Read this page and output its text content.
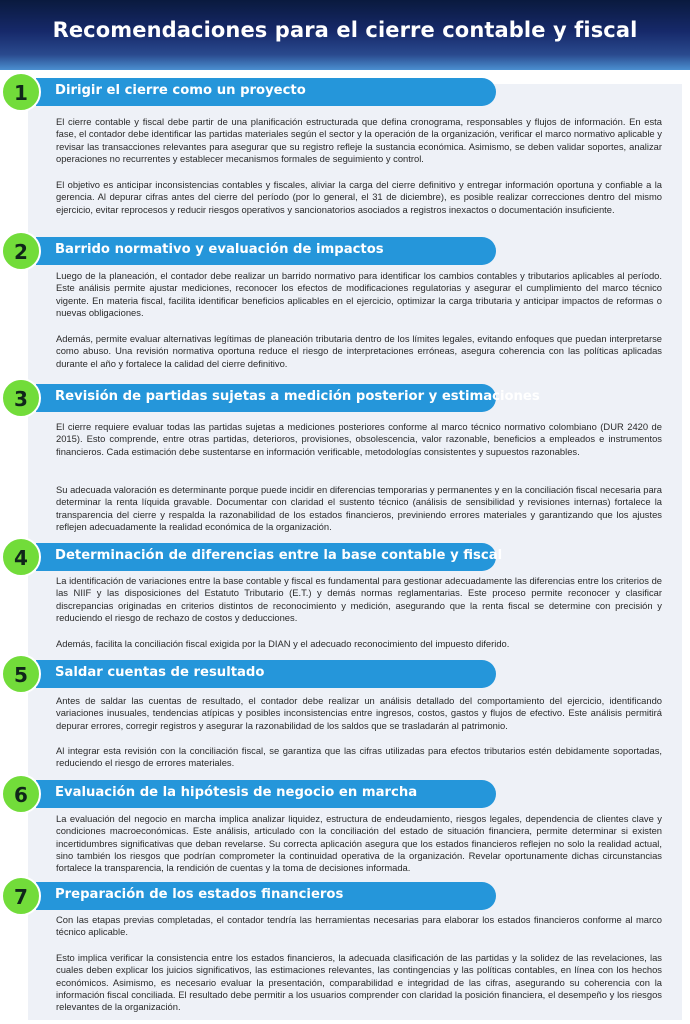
Recomendaciones para el cierre contable y fiscal
1	Dirigir el cierre como un proyecto

El cierre contable y fiscal debe partir de una planificación estructurada que defina cronograma, responsables y flujos de información. En esta fase, el contador debe identificar las partidas materiales según el sector y la operación de la organización, verificar el marco normativo aplicable y revisar las transacciones relevantes para asegurar que su registro refleje la sustancia económica. Asimismo, se deben validar soportes, analizar operaciones no recurrentes y establecer mecanismos formales de seguimiento y control.

El objetivo es anticipar inconsistencias contables y fiscales, aliviar la carga del cierre definitivo y entregar información oportuna y confiable a la gerencia. Al depurar cifras antes del cierre del período (por lo general, el 31 de diciembre), es posible realizar correcciones dentro del mismo ejercicio, evitar reprocesos y reducir riesgos operativos y sancionatorios asociados a registros inexactos o documentación insuficiente.

2	Barrido normativo y evaluación de impactos

Luego de la planeación, el contador debe realizar un barrido normativo para identificar los cambios contables y tributarios aplicables al período. Este análisis permite ajustar mediciones, reconocer los efectos de modificaciones regulatorias y asegurar el cumplimiento del marco técnico vigente. En materia fiscal, facilita identificar beneficios aplicables en el ejercicio, optimizar la carga tributaria y anticipar impactos de reformas o nuevas obligaciones.

Además, permite evaluar alternativas legítimas de planeación tributaria dentro de los límites legales, evitando enfoques que puedan interpretarse como abuso. Una revisión normativa oportuna reduce el riesgo de interpretaciones erróneas, asegura coherencia con las políticas aplicadas durante el año y fortalece la calidad del cierre definitivo.

3	Revisión de partidas sujetas a medición posterior y estimaciones

El cierre requiere evaluar todas las partidas sujetas a mediciones posteriores conforme al marco técnico normativo colombiano (DUR 2420 de 2015). Esto comprende, entre otras partidas, deterioros, provisiones, obsolescencia, valor razonable, beneficios a empleados e instrumentos financieros. Cada estimación debe sustentarse en información verificable, metodologías consistentes y supuestos razonables.

Su adecuada valoración es determinante porque puede incidir en diferencias temporarias y permanentes y en la conciliación fiscal necesaria para determinar la renta líquida gravable. Documentar con claridad el sustento técnico (análisis de sensibilidad y revisiones internas) fortalece la transparencia del cierre y respalda la razonabilidad de los estados financieros, previniendo errores materiales y garantizando que los ajustes reflejen adecuadamente la realidad económica de la organización.

4	Determinación de diferencias entre la base contable y fiscal

La identificación de variaciones entre la base contable y fiscal es fundamental para gestionar adecuadamente las diferencias entre los criterios de las NIIF y las disposiciones del Estatuto Tributario (E.T.) y demás normas reglamentarias. Este proceso permite reconocer y clasificar discrepancias originadas en criterios distintos de reconocimiento y medición, asegurando que la renta fiscal se determine con precisión y reduciendo el riesgo de rechazo de costos y deducciones.

Además, facilita la conciliación fiscal exigida por la DIAN y el adecuado reconocimiento del impuesto diferido.

5	Saldar cuentas de resultado

Antes de saldar las cuentas de resultado, el contador debe realizar un análisis detallado del comportamiento del ejercicio, identificando variaciones inusuales, tendencias atípicas y posibles inconsistencias entre ingresos, costos, gastos y flujos de efectivo. Este análisis permitirá depurar errores, corregir registros y asegurar la razonabilidad de los saldos que se trasladarán al patrimonio.

Al integrar esta revisión con la conciliación fiscal, se garantiza que las cifras utilizadas para efectos tributarios estén debidamente soportadas, reduciendo el riesgo de errores materiales.

6	Evaluación de la hipótesis de negocio en marcha

La evaluación del negocio en marcha implica analizar liquidez, estructura de endeudamiento, riesgos legales, dependencia de clientes clave y condiciones macroeconómicas. Este análisis, articulado con la conciliación del estado de situación financiera, permite determinar si existen incertidumbres significativas que deban revelarse. Su correcta aplicación asegura que los estados financieros reflejen no solo la realidad actual, sino también los riesgos que podrían comprometer la continuidad operativa de la organización. Revelar oportunamente dichas circunstancias fortalece la transparencia, la rendición de cuentas y la toma de decisiones informada.

7	Preparación de los estados financieros

Con las etapas previas completadas, el contador tendría las herramientas necesarias para elaborar los estados financieros conforme al marco técnico aplicable.

Esto implica verificar la consistencia entre los estados financieros, la adecuada clasificación de las partidas y la solidez de las revelaciones, las cuales deben explicar los juicios significativos, las estimaciones relevantes, las contingencias y las políticas contables, en línea con los hechos económicos. Asimismo, es necesario evaluar la presentación, comparabilidad e integridad de las cifras, asegurando su coherencia con la información fiscal conciliada. El resultado debe permitir a los usuarios comprender con claridad la posición financiera, el desempeño y los riesgos relevantes de la organización.
